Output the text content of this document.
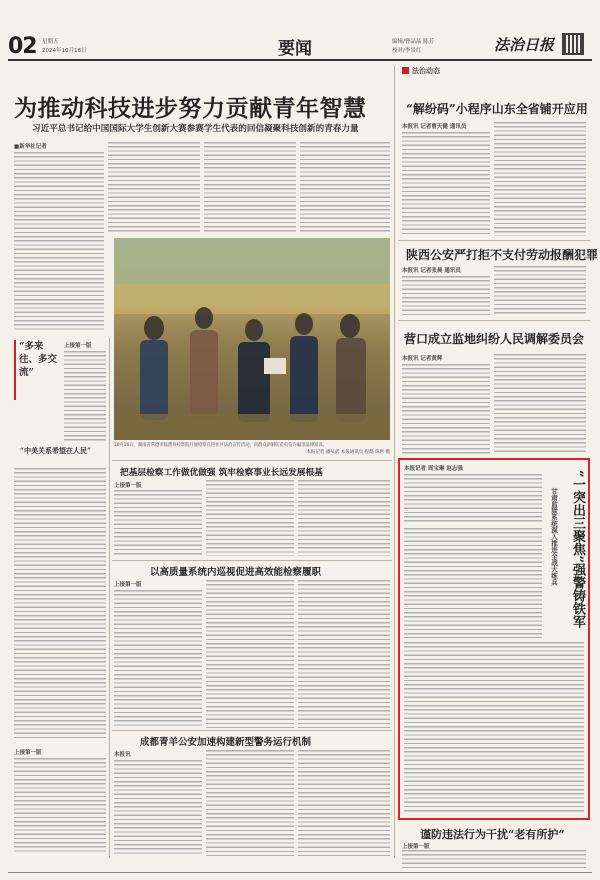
02 星期五
2024年10月18日	要闻	编辑/曹晶晶 陈芳
校对/李景红	法治日报
为推动科技进步努力贡献青年智慧
习近平总书记给中国国际大学生创新大赛参赛学生代表的回信凝聚科技创新的青春力量
■新华社记者
上接第一版
“多来往、多交流”
“中美关系希望在人民”
上接第一版
10月16日，湖南省常德市临澧县检察院开展检察官进社区法治宣传活动，向群众讲解防范电信诈骗等法律知识。
本报记者 潘从武 本报通讯员 程懿 陈哲 摄
把基层检察工作做优做强 筑牢检察事业长远发展根基
上接第一版
以高质量系统内巡视促进高效能检察履职
上接第一版
成都青羊公安加速构建新型警务运行机制
本报讯
法治动态
“解纷码”小程序山东全省铺开应用
本报讯 记者曹天健 通讯员
陕西公安严打拒不支付劳动报酬犯罪
本报讯 记者张晨 通讯员
营口成立监地纠纷人民调解委员会
本报讯 记者黄辉
本报记者 周宝琳 赵志强
“一突出三聚焦”强警铸铁军
甘肃监狱系统深入推进全战大练兵
谨防违法行为干扰“老有所护”
上接第一版
